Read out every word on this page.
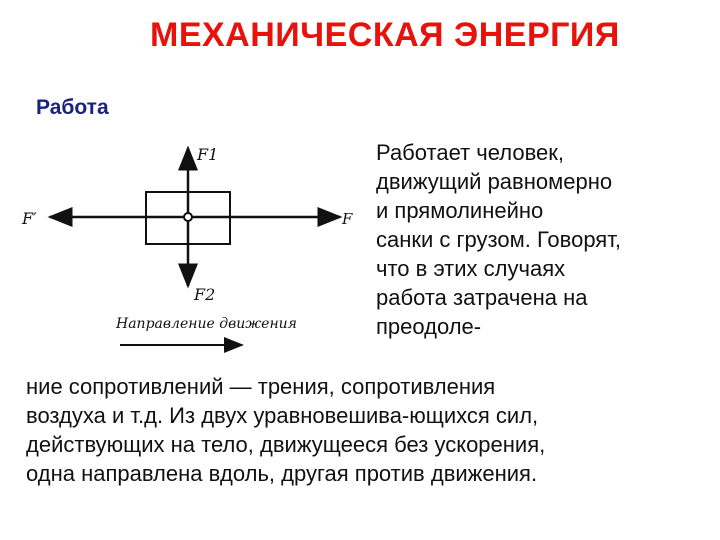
МЕХАНИЧЕСКАЯ ЭНЕРГИЯ
Работа
F1
F2
F′	F
Направление движения
Работает человек,
движущий равномерно
и прямолинейно
санки с грузом. Говорят,
что в этих случаях
работа затрачена на
преодоле-
ние сопротивлений — трения, сопротивления
воздуха и т.д. Из двух уравновешива-ющихся сил,
действующих на тело, движущееся без ускорения,
одна направлена вдоль, другая против движения.
